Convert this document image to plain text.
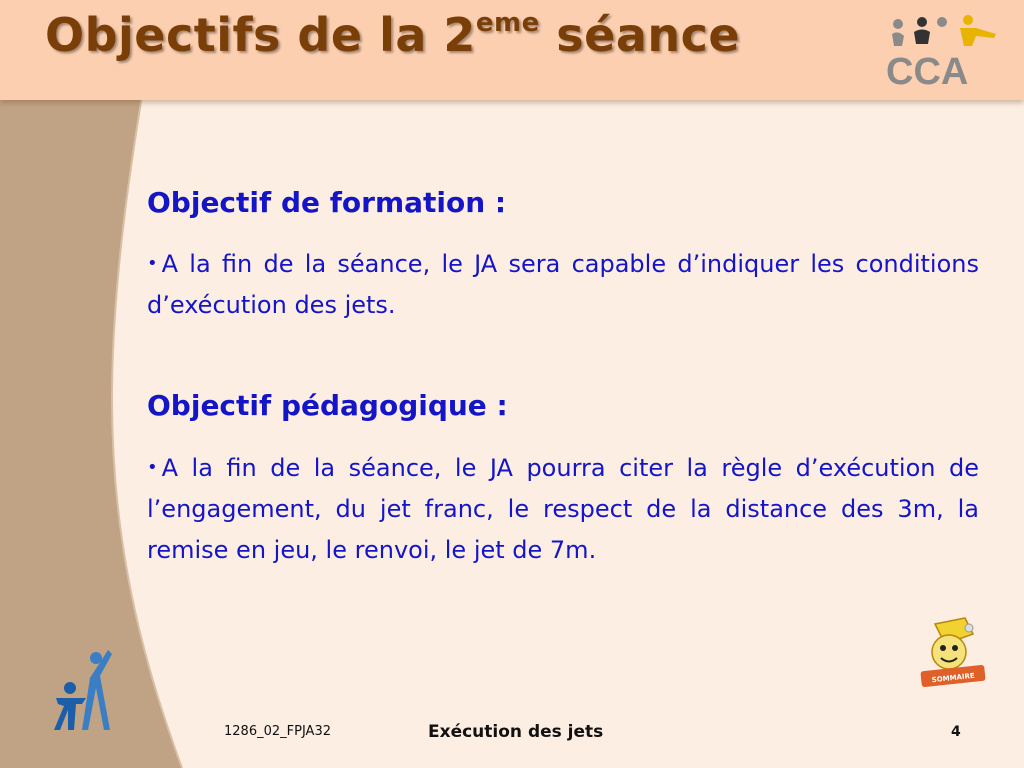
Objectifs de la 2eme séance
CCA
Objectif de formation :

• A la fin de la séance, le JA sera capable d’indiquer les conditions d’exécution des jets.

Objectif pédagogique :

• A la fin de la séance, le JA pourra citer la règle d’exécution de l’engagement, du jet franc, le respect de la distance des 3m, la remise en jeu, le renvoi, le jet de 7m.

SOMMAIRE
1286_02_FPJA32	Exécution des jets	4
